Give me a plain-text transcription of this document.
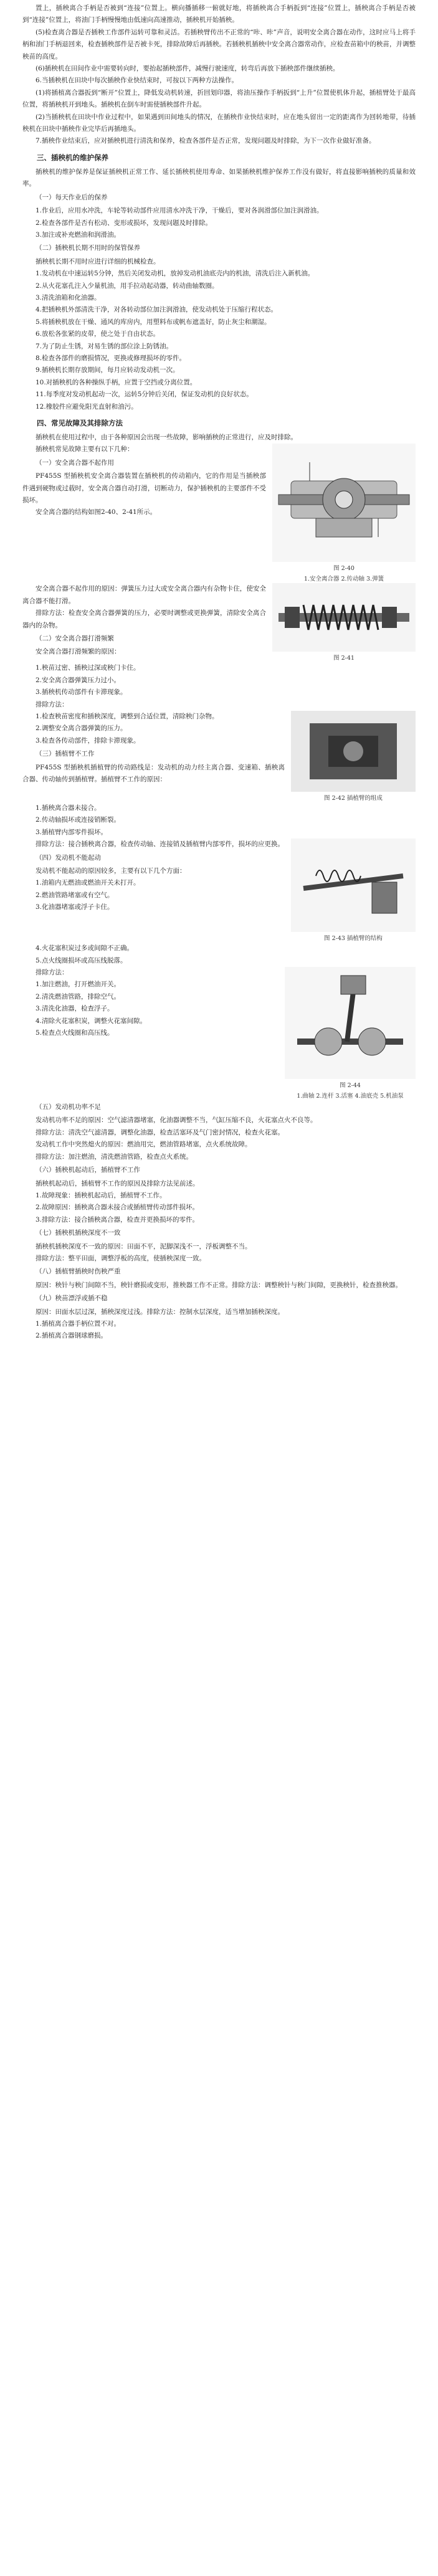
置上，插秧离合手柄是否被到“连接”位置上。横向播插移一俯就好地，将插秧离合手柄扳到“连接”位置上，插秧离合手柄是否被到“连接”位置上，将油门手柄慢慢地由低速向高速推动，插秧机开始插秧。

(5)检查离合器是否插秧工作部件运转可靠和灵活。若插秧臂传出不正常的“咔、咔”声音，说明安全离合器在动作，这时应马上将手柄和油门手柄退回来，检查插秧部件是否被卡死，排除故障后再插秧。若插秧机插秧中安全离合器常动作，应检查苗箱中的秧苗，并调整秧苗的高度。

(6)插秧机在田间作业中需要转向时，要抬起插秧部件，减慢行驶速度，转弯后再放下插秧部件继续插秧。

6.当插秧机在田块中每次插秧作业快结束时，可按以下两种方法操作。

(1)将插植离合器扳到“断开”位置上，降低发动机转速，折回划印器，将油压操作手柄扳到“上升”位置使机体升起，插植臂处于最高位置，将插秧机开到地头。插秧机在倒车时需使插秧部件升起。

(2)当插秧机在田块中作业过程中，如果遇到田间地头的情况，在插秧作业快结束时，应在地头留出一定的距离作为回转地带，待插秧机在田块中插秧作业完毕后再插地头。

7.插秧作业结束后，应对插秧机进行清洗和保养，检查各部件是否正常，发现问题及时排除，为下一次作业做好准备。

三、插秧机的维护保养

插秧机的维护保养是保证插秧机正常工作、延长插秧机使用寿命、如果插秧机维护保养工作没有做好，将直接影响插秧的质量和效率。

（一）每天作业后的保养

1.作业后，应用水冲洗，车轮等转动部件应用清水冲洗干净，干燥后，要对各润滑部位加注润滑油。

2.检查各部件是否有松动、变形或损坏，发现问题及时排除。

3.加注或补充燃油和润滑油。

（二）插秧机长期不用时的保管保养

插秧机长期不用时应进行详细的机械检查。

1.发动机在中速运转5分钟，然后关闭发动机，放掉发动机油底壳内的机油，清洗后注入新机油。

2.从火花塞孔注入少量机油，用手拉动起动器，转动曲轴数圈。

3.清洗油箱和化油器。

4.把插秧机外部清洗干净，对各转动部位加注润滑油，使发动机处于压缩行程状态。

5.将插秧机放在干燥、通风的库房内，用塑料布或帆布遮盖好，防止灰尘和潮湿。

6.放松各张紧的皮带，使之处于自由状态。

7.为了防止生锈，对易生锈的部位涂上防锈油。

8.检查各部件的磨损情况，更换或修理损坏的零件。

9.插秧机长期存放期间，每月应转动发动机一次。

10.对插秧机的各种操纵手柄，应置于空挡或分离位置。

11.每季度对发动机起动一次，运转5分钟后关闭，保证发动机的良好状态。

12.橡胶件应避免阳光直射和油污。

四、常见故障及其排除方法

插秧机在使用过程中，由于各种原因会出现一些故障，影响插秧的正常进行，应及时排除。

插秧机常见故障主要有以下几种：

（一）安全离合器不起作用

PF455S 型插秧机安全离合器装置在插秧机的传动箱内，它的作用是当插秧部件遇到硬物或过载时，安全离合器自动打滑，切断动力，保护插秧机的主要部件不受损坏。

安全离合器的结构如图2-40、2-41所示。

图 2-40
1.安全离合器 2.传动轴 3.弹簧

安全离合器不起作用的原因：弹簧压力过大或安全离合器内有杂物卡住，使安全离合器不能打滑。

排除方法：检查安全离合器弹簧的压力，必要时调整或更换弹簧，清除安全离合器内的杂物。

（二）安全离合器打滑频繁

安全离合器打滑频繁的原因：

图 2-41

1.秧苗过密、插秧过深或秧门卡住。

2.安全离合器弹簧压力过小。

3.插秧机传动部件有卡滞现象。

排除方法：

1.检查秧苗密度和插秧深度，调整到合适位置，清除秧门杂物。

2.调整安全离合器弹簧的压力。

3.检查各传动部件，排除卡滞现象。

（三）插植臂不工作

PF455S 型插秧机插植臂的传动路线是：发动机的动力经主离合器、变速箱、插秧离合器、传动轴传到插植臂。插植臂不工作的原因：

图 2-42 插植臂的组成

1.插秧离合器未接合。

2.传动轴损坏或连接销断裂。

3.插植臂内部零件损坏。

排除方法：接合插秧离合器，检查传动轴、连接销及插植臂内部零件，损坏的应更换。

（四）发动机不能起动

发动机不能起动的原因较多，主要有以下几个方面：

1.油箱内无燃油或燃油开关未打开。

2.燃油管路堵塞或有空气。

3.化油器堵塞或浮子卡住。

图 2-43 插植臂的结构

4.火花塞积炭过多或间隙不正确。

5.点火线圈损坏或高压线脱落。

排除方法：

1.加注燃油，打开燃油开关。

2.清洗燃油管路，排除空气。

3.清洗化油器，检查浮子。

4.清除火花塞积炭，调整火花塞间隙。

5.检查点火线圈和高压线。

图 2-44
1.曲轴 2.连杆 3.活塞 4.油底壳 5.机油泵
（五）发动机功率不足

发动机功率不足的原因：空气滤清器堵塞，化油器调整不当，气缸压缩不良，火花塞点火不良等。

排除方法：清洗空气滤清器，调整化油器，检查活塞环及气门密封情况，检查火花塞。

发动机工作中突然熄火的原因：燃油用完，燃油管路堵塞，点火系统故障。

排除方法：加注燃油，清洗燃油管路，检查点火系统。

（六）插秧机起动后，插植臂不工作

插秧机起动后，插植臂不工作的原因及排除方法见前述。

1.故障现象：插秧机起动后，插植臂不工作。

2.故障原因：插秧离合器未接合或插植臂传动部件损坏。

3.排除方法：接合插秧离合器，检查并更换损坏的零件。

（七）插秧机插秧深度不一致

插秧机插秧深度不一致的原因：田面不平，泥脚深浅不一，浮板调整不当。

排除方法：整平田面，调整浮板的高度，使插秧深度一致。

（八）插植臂插秧时伤秧严重

原因：秧针与秧门间隙不当，秧针磨损或变形，推秧器工作不正常。排除方法：调整秧针与秧门间隙，更换秧针，检查推秧器。

（九）秧苗漂浮或插不稳

原因：田面水层过深，插秧深度过浅。排除方法：控制水层深度，适当增加插秧深度。

1.插植离合器手柄位置不对。

2.插植离合器钢球磨损。
